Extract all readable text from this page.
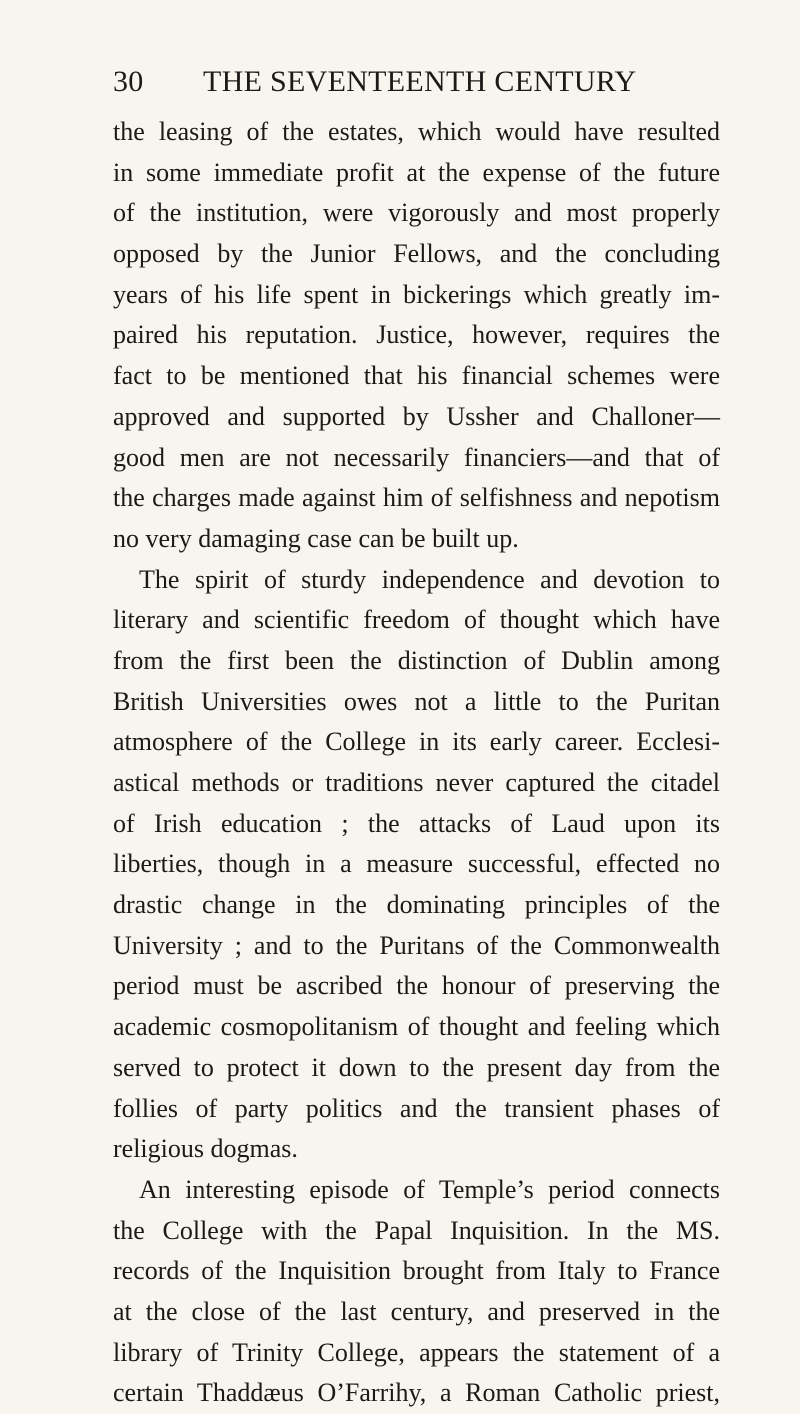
30 THE SEVENTEENTH CENTURY
the leasing of the estates, which would have resulted
in some immediate profit at the expense of the future
of the institution, were vigorously and most properly
opposed by the Junior Fellows, and the concluding
years of his life spent in bickerings which greatly im-
paired his reputation. Justice, however, requires the
fact to be mentioned that his financial schemes were
approved and supported by Ussher and Challoner—
good men are not necessarily financiers—and that of
the charges made against him of selfishness and nepotism
no very damaging case can be built up.
The spirit of sturdy independence and devotion to
literary and scientific freedom of thought which have
from the first been the distinction of Dublin among
British Universities owes not a little to the Puritan
atmosphere of the College in its early career. Ecclesi-
astical methods or traditions never captured the citadel
of Irish education ; the attacks of Laud upon its
liberties, though in a measure successful, effected no
drastic change in the dominating principles of the
University ; and to the Puritans of the Commonwealth
period must be ascribed the honour of preserving the
academic cosmopolitanism of thought and feeling which
served to protect it down to the present day from the
follies of party politics and the transient phases of
religious dogmas.
An interesting episode of Temple’s period connects
the College with the Papal Inquisition. In the MS.
records of the Inquisition brought from Italy to France
at the close of the last century, and preserved in the
library of Trinity College, appears the statement of a
certain Thaddæus O’Farrihy, a Roman Catholic priest,
